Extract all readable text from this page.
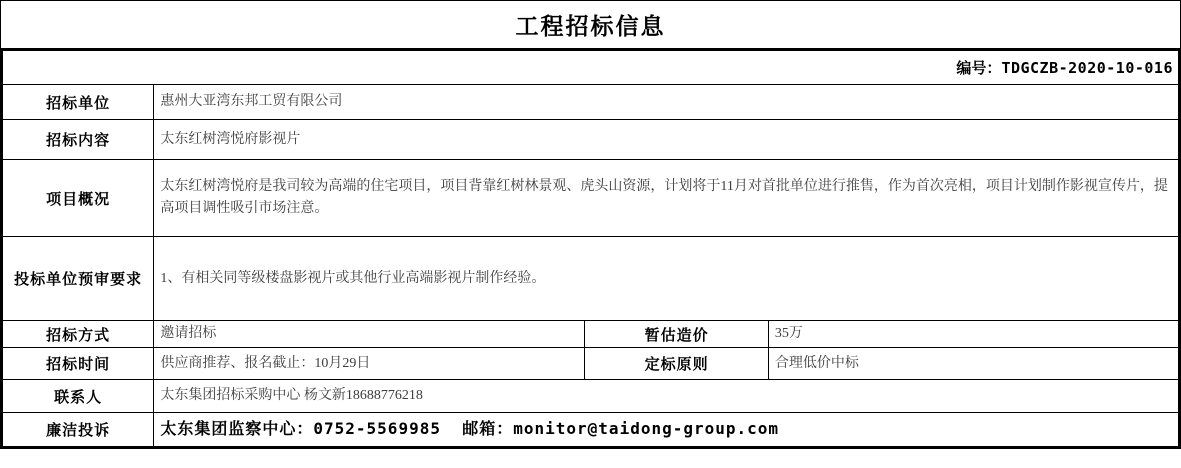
工程招标信息
编号：TDGCZB-2020-10-016			
招标单位	惠州大亚湾东邦工贸有限公司		
招标内容	太东红树湾悦府影视片		
项目概况	太东红树湾悦府是我司较为高端的住宅项目，项目背靠红树林景观、虎头山资源，计划将于11月对首批单位进行推售，作为首次亮相，项目计划制作影视宣传片，提高项目调性吸引市场注意。		
投标单位预审要求	1、有相关同等级楼盘影视片或其他行业高端影视片制作经验。		
招标方式	邀请招标	暂估造价	35万
招标时间	供应商推荐、报名截止：10月29日	定标原则	合理低价中标
联系人	太东集团招标采购中心 杨文新18688776218		
廉洁投诉	太东集团监察中心：0752-5569985  邮箱：monitor@taidong-group.com		
